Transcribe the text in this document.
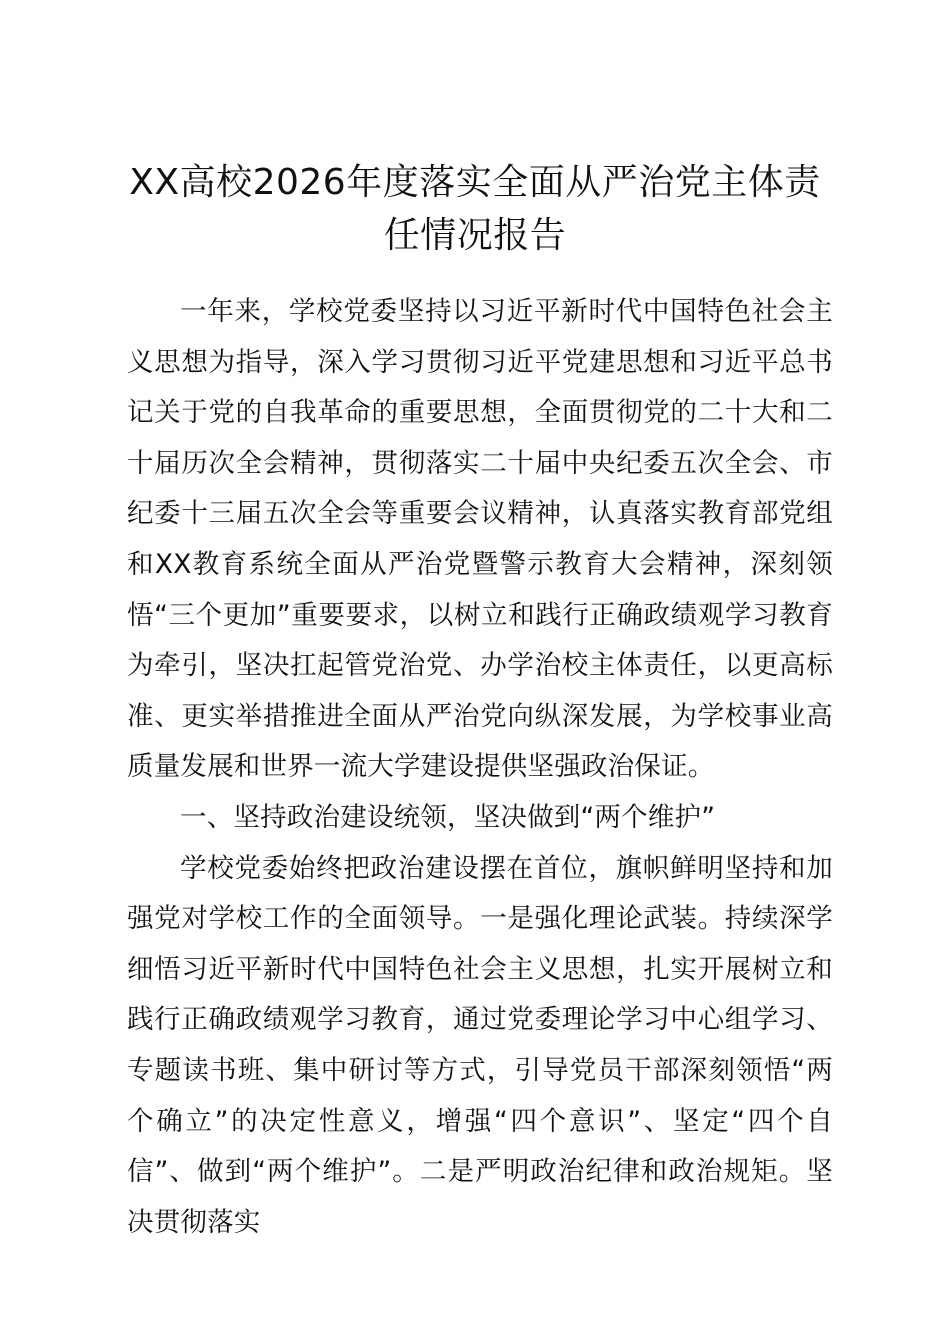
XX高校2026年度落实全面从严治党主体责任情况报告

一年来，学校党委坚持以习近平新时代中国特色社会主义思想为指导，深入学习贯彻习近平党建思想和习近平总书记关于党的自我革命的重要思想，全面贯彻党的二十大和二十届历次全会精神，贯彻落实二十届中央纪委五次全会、市纪委十三届五次全会等重要会议精神，认真落实教育部党组和XX教育系统全面从严治党暨警示教育大会精神，深刻领悟“三个更加”重要要求，以树立和践行正确政绩观学习教育为牵引，坚决扛起管党治党、办学治校主体责任，以更高标准、更实举措推进全面从严治党向纵深发展，为学校事业高质量发展和世界一流大学建设提供坚强政治保证。

一、坚持政治建设统领，坚决做到“两个维护”

学校党委始终把政治建设摆在首位，旗帜鲜明坚持和加强党对学校工作的全面领导。一是强化理论武装。持续深学细悟习近平新时代中国特色社会主义思想，扎实开展树立和践行正确政绩观学习教育，通过党委理论学习中心组学习、专题读书班、集中研讨等方式，引导党员干部深刻领悟“两个确立”的决定性意义，增强“四个意识”、坚定“四个自信”、做到“两个维护”。二是严明政治纪律和政治规矩。坚决贯彻落实
